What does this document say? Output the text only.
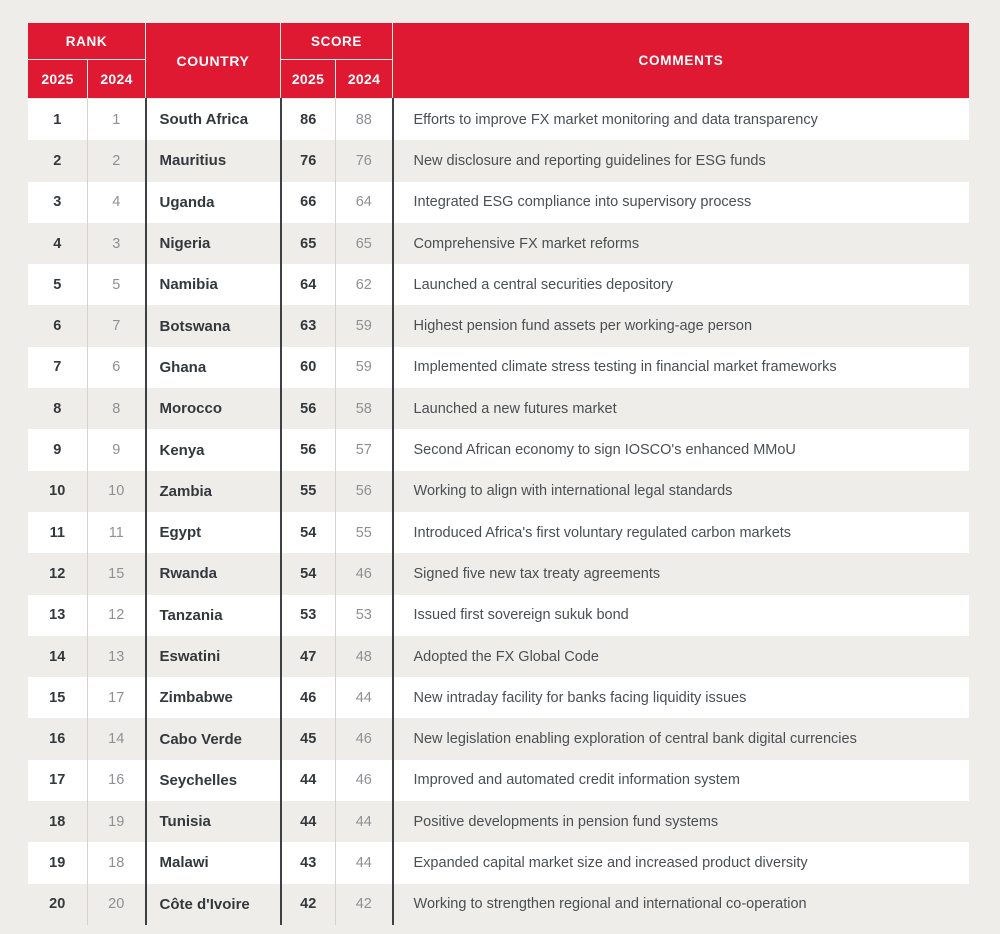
RANK		COUNTRY	SCORE		COMMENTS
2025	2024		2025	2024	
1	1	South Africa	86	88	Efforts to improve FX market monitoring and data transparency
2	2	Mauritius	76	76	New disclosure and reporting guidelines for ESG funds
3	4	Uganda	66	64	Integrated ESG compliance into supervisory process
4	3	Nigeria	65	65	Comprehensive FX market reforms
5	5	Namibia	64	62	Launched a central securities depository
6	7	Botswana	63	59	Highest pension fund assets per working-age person
7	6	Ghana	60	59	Implemented climate stress testing in financial market frameworks
8	8	Morocco	56	58	Launched a new futures market
9	9	Kenya	56	57	Second African economy to sign IOSCO's enhanced MMoU
10	10	Zambia	55	56	Working to align with international legal standards
11	11	Egypt	54	55	Introduced Africa's first voluntary regulated carbon markets
12	15	Rwanda	54	46	Signed five new tax treaty agreements
13	12	Tanzania	53	53	Issued first sovereign sukuk bond
14	13	Eswatini	47	48	Adopted the FX Global Code
15	17	Zimbabwe	46	44	New intraday facility for banks facing liquidity issues
16	14	Cabo Verde	45	46	New legislation enabling exploration of central bank digital currencies
17	16	Seychelles	44	46	Improved and automated credit information system
18	19	Tunisia	44	44	Positive developments in pension fund systems
19	18	Malawi	43	44	Expanded capital market size and increased product diversity
20	20	Côte d'Ivoire	42	42	Working to strengthen regional and international co-operation
